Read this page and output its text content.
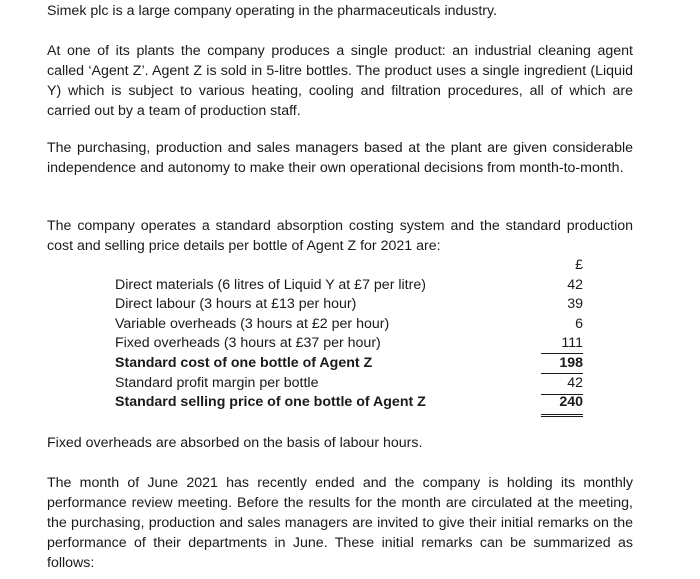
Simek plc is a large company operating in the pharmaceuticals industry.

At one of its plants the company produces a single product: an industrial cleaning agent called ‘Agent Z’. Agent Z is sold in 5-litre bottles. The product uses a single ingredient (Liquid Y) which is subject to various heating, cooling and filtration procedures, all of which are carried out by a team of production staff.

The purchasing, production and sales managers based at the plant are given considerable independence and autonomy to make their own operational decisions from month-to-month.

The company operates a standard absorption costing system and the standard production cost and selling price details per bottle of Agent Z for 2021 are:

£
Direct materials (6 litres of Liquid Y at £7 per litre)	42
Direct labour (3 hours at £13 per hour)	39
Variable overheads (3 hours at £2 per hour)	6
Fixed overheads (3 hours at £37 per hour)	111
Standard cost of one bottle of Agent Z	198
Standard profit margin per bottle	42
Standard selling price of one bottle of Agent Z	240

Fixed overheads are absorbed on the basis of labour hours.

The month of June 2021 has recently ended and the company is holding its monthly performance review meeting. Before the results for the month are circulated at the meeting, the purchasing, production and sales managers are invited to give their initial remarks on the performance of their departments in June. These initial remarks can be summarized as follows:
